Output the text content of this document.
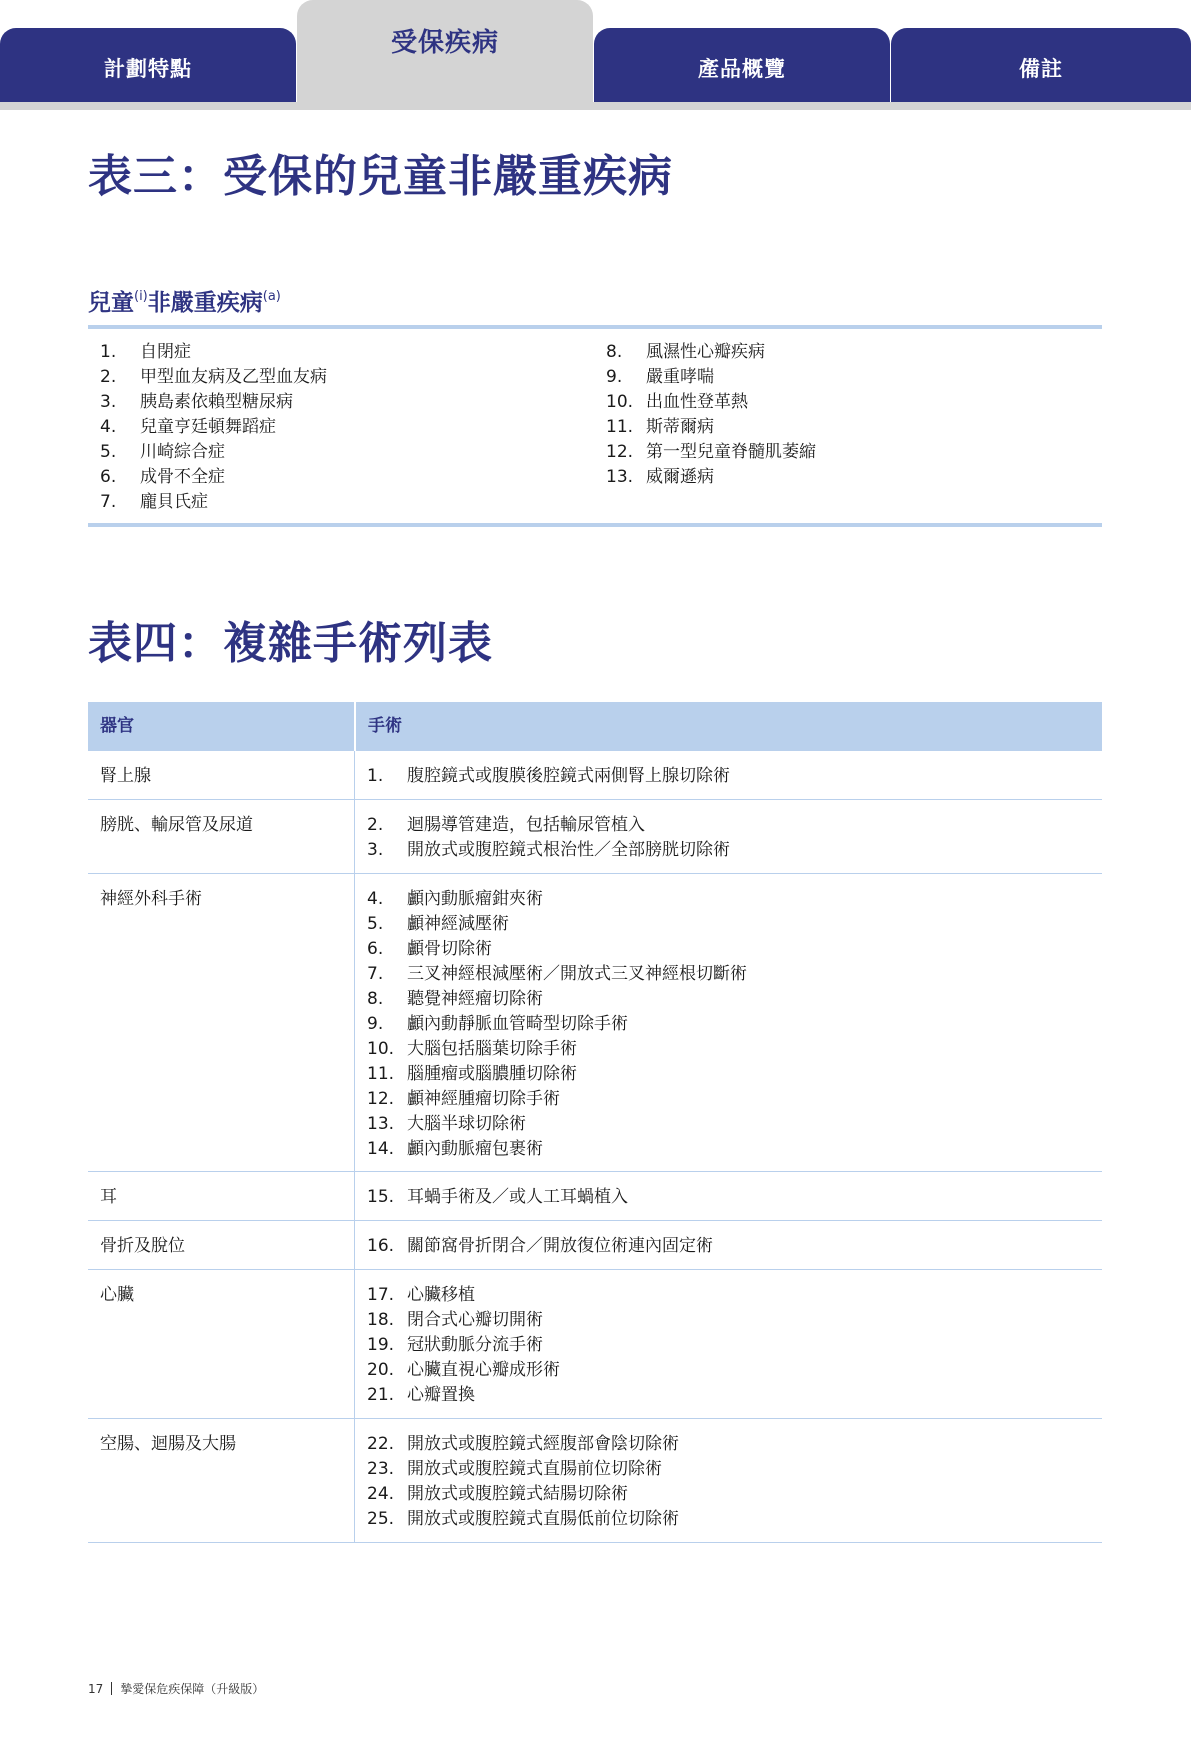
計劃特點
受保疾病
產品概覽	備註
表三：受保的兒童非嚴重疾病
兒童$^{(i)}$非嚴重疾病$^{(a)}$
1.	自閉症
2.	甲型血友病及乙型血友病
3.	胰島素依賴型糖尿病
4.	兒童亨廷頓舞蹈症
5.	川崎綜合症
6.	成骨不全症
7.	龐貝氏症
8.	風濕性心瓣疾病
9.	嚴重哮喘
10. 出血性登革熱
11. 斯蒂爾病
12. 第一型兒童脊髓肌萎縮
13. 威爾遜病
表四：複雜手術列表
器官	手術
腎上腺	1.	腹腔鏡式或腹膜後腔鏡式兩側腎上腺切除術
膀胱、輸尿管及尿道	2.	迴腸導管建造，包括輸尿管植入
3.	開放式或腹腔鏡式根治性／全部膀胱切除術
神經外科手術	4.	顱內動脈瘤鉗夾術
5.	顱神經減壓術
6.	顱骨切除術
7.	三叉神經根減壓術／開放式三叉神經根切斷術
8.	聽覺神經瘤切除術
9.	顱內動靜脈血管畸型切除手術
10. 大腦包括腦葉切除手術
11. 腦腫瘤或腦膿腫切除術
12. 顱神經腫瘤切除手術
13. 大腦半球切除術
14. 顱內動脈瘤包裹術
耳	15. 耳蝸手術及／或人工耳蝸植入
骨折及脫位	16. 關節窩骨折閉合／開放復位術連內固定術
心臟	17. 心臟移植
18. 閉合式心瓣切開術
19. 冠狀動脈分流手術
20. 心臟直視心瓣成形術
21. 心瓣置換
空腸、迴腸及大腸	22. 開放式或腹腔鏡式經腹部會陰切除術
23. 開放式或腹腔鏡式直腸前位切除術
24. 開放式或腹腔鏡式結腸切除術
25. 開放式或腹腔鏡式直腸低前位切除術
17 摯愛保危疾保障（升級版）
